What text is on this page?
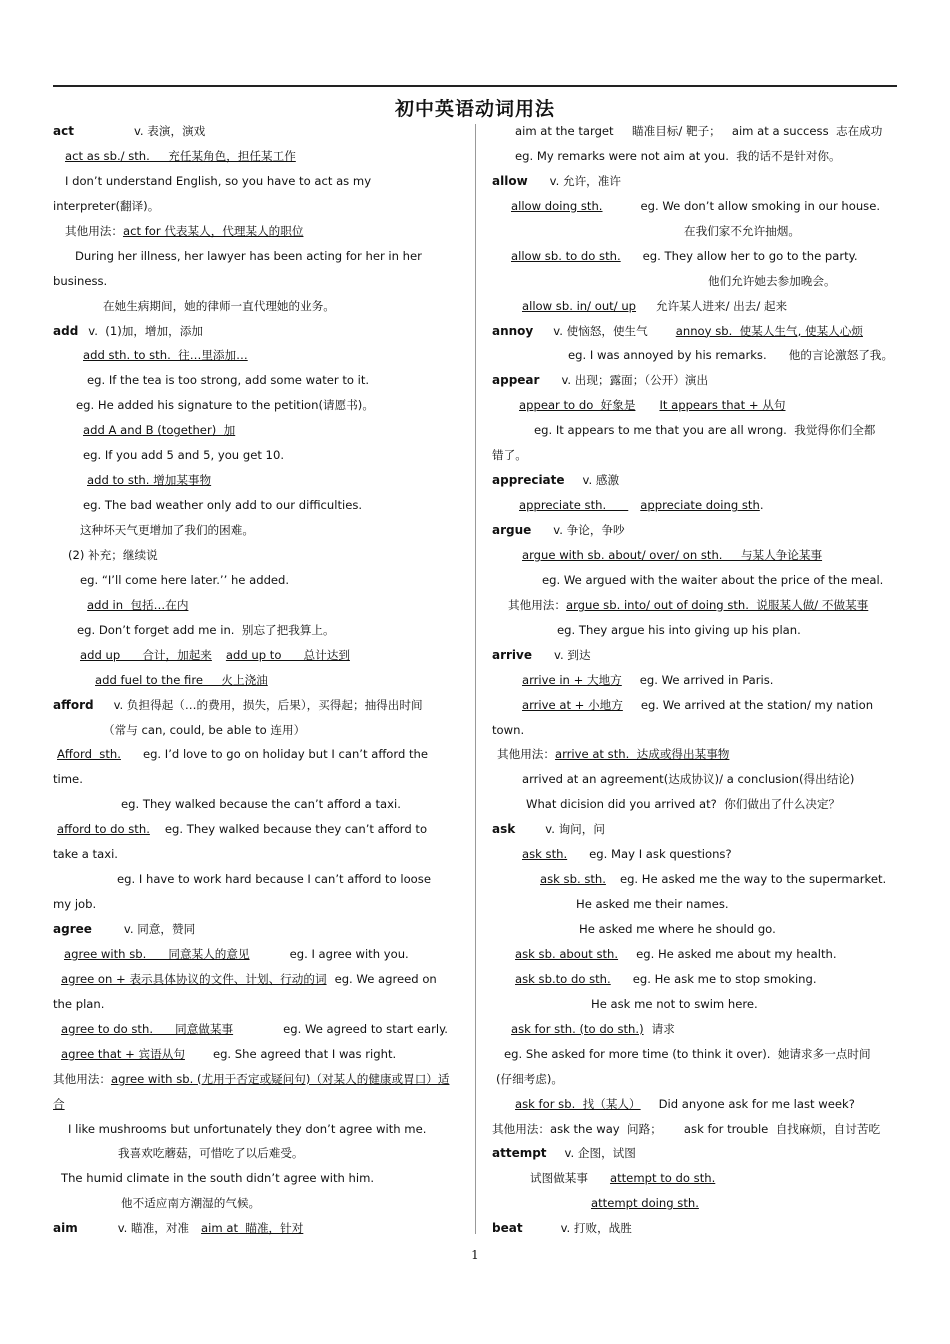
初中英语动词用法
act	v. 表演，演戏
act as sb./ sth.     充任某角色，担任某工作
I don’t understand English, so you have to act as my
interpreter(翻译)。
其他用法：act for 代表某人，代理某人的职位
During her illness, her lawyer has been acting for her in her
business.
在她生病期间，她的律师一直代理她的业务。
add v.  (1)加，增加，添加
add sth. to sth.  往…里添加…
eg. If the tea is too strong, add some water to it.
eg. He added his signature to the petition(请愿书)。
add A and B (together)  加
eg. If you add 5 and 5, you get 10.
add to sth. 增加某事物
eg. The bad weather only add to our difficulties.
这种坏天气更增加了我们的困难。
(2) 补充；继续说
eg. “I’ll come here later.’’ he added.
add in  包括…在内
eg. Don’t forget add me in.  别忘了把我算上。
add up      合计，加起来 add up to      总计达到
add fuel to the fire     火上浇油
afford v. 负担得起（…的费用，损失，后果），买得起；抽得出时间
（常与 can, could, be able to 连用）
Afford  sth. eg. I’d love to go on holiday but I can’t afford the
time.
eg. They walked because the can’t afford a taxi.
afford to do sth. eg. They walked because they can’t afford to
take a taxi.
eg. I have to work hard because I can’t afford to loose
my job.
agree	v. 同意，赞同
agree with sb.      同意某人的意见	eg. I agree with you.
agree on + 表示具体协议的文件、计划、行动的词 eg. We agreed on
the plan.
agree to do sth.      同意做某事	eg. We agreed to start early.
agree that + 宾语从句 eg. She agreed that I was right.
其他用法：agree with sb. (尤用于否定或疑问句)（对某人的健康或胃口）适
合
I like mushrooms but unfortunately they don’t agree with me.
我喜欢吃蘑菇，可惜吃了以后难受。
The humid climate in the south didn’t agree with him.
他不适应南方潮湿的气候。
aim	v. 瞄准，对准 aim at  瞄准，针对
aim at the target     瞄准目标/ 靶子；   aim at a success  志在成功
eg. My remarks were not aim at you.  我的话不是针对你。
allow v. 允许，准许
allow doing sth.	eg. We don’t allow smoking in our house.
在我们家不允许抽烟。
allow sb. to do sth. eg. They allow her to go to the party.
他们允许她去参加晚会。
allow sb. in/ out/ up 允许某人进来/ 出去/ 起来
annoy v. 使恼怒，使生气 annoy sb.  使某人生气, 使某人心烦
eg. I was annoyed by his remarks.      他的言论激怒了我。
appear v. 出现；露面；（公开）演出
appear to do  好象是 It appears that + 从句
eg. It appears to me that you are all wrong.  我觉得你们全都
错了。
appreciate v. 感激
appreciate sth.      appreciate doing sth.
argue v. 争论，争吵
argue with sb. about/ over/ on sth.     与某人争论某事
eg. We argued with the waiter about the price of the meal.
其他用法：argue sb. into/ out of doing sth.  说服某人做/ 不做某事
eg. They argue his into giving up his plan.
arrive v. 到达
arrive in + 大地方 eg. We arrived in Paris.
arrive at + 小地方 eg. We arrived at the station/ my nation
town.
其他用法：arrive at sth.  达成或得出某事物
arrived at an agreement(达成协议)/ a conclusion(得出结论)
What dicision did you arrived at?  你们做出了什么决定？
ask	v. 询问，问
ask sth. eg. May I ask questions?
ask sb. sth. eg. He asked me the way to the supermarket.
He asked me their names.
He asked me where he should go.
ask sb. about sth. eg. He asked me about my health.
ask sb.to do sth. eg. He ask me to stop smoking.
He ask me not to swim here.
ask for sth. (to do sth.) 请求
eg. She asked for more time (to think it over).  她请求多一点时间
(仔细考虑)。
ask for sb.  找（某人） Did anyone ask for me last week?
其他用法：ask the way  问路；      ask for trouble  自找麻烦，自讨苦吃
attempt v. 企图，试图
试图做某事 attempt to do sth.
attempt doing sth.
beat	v. 打败，战胜
1
